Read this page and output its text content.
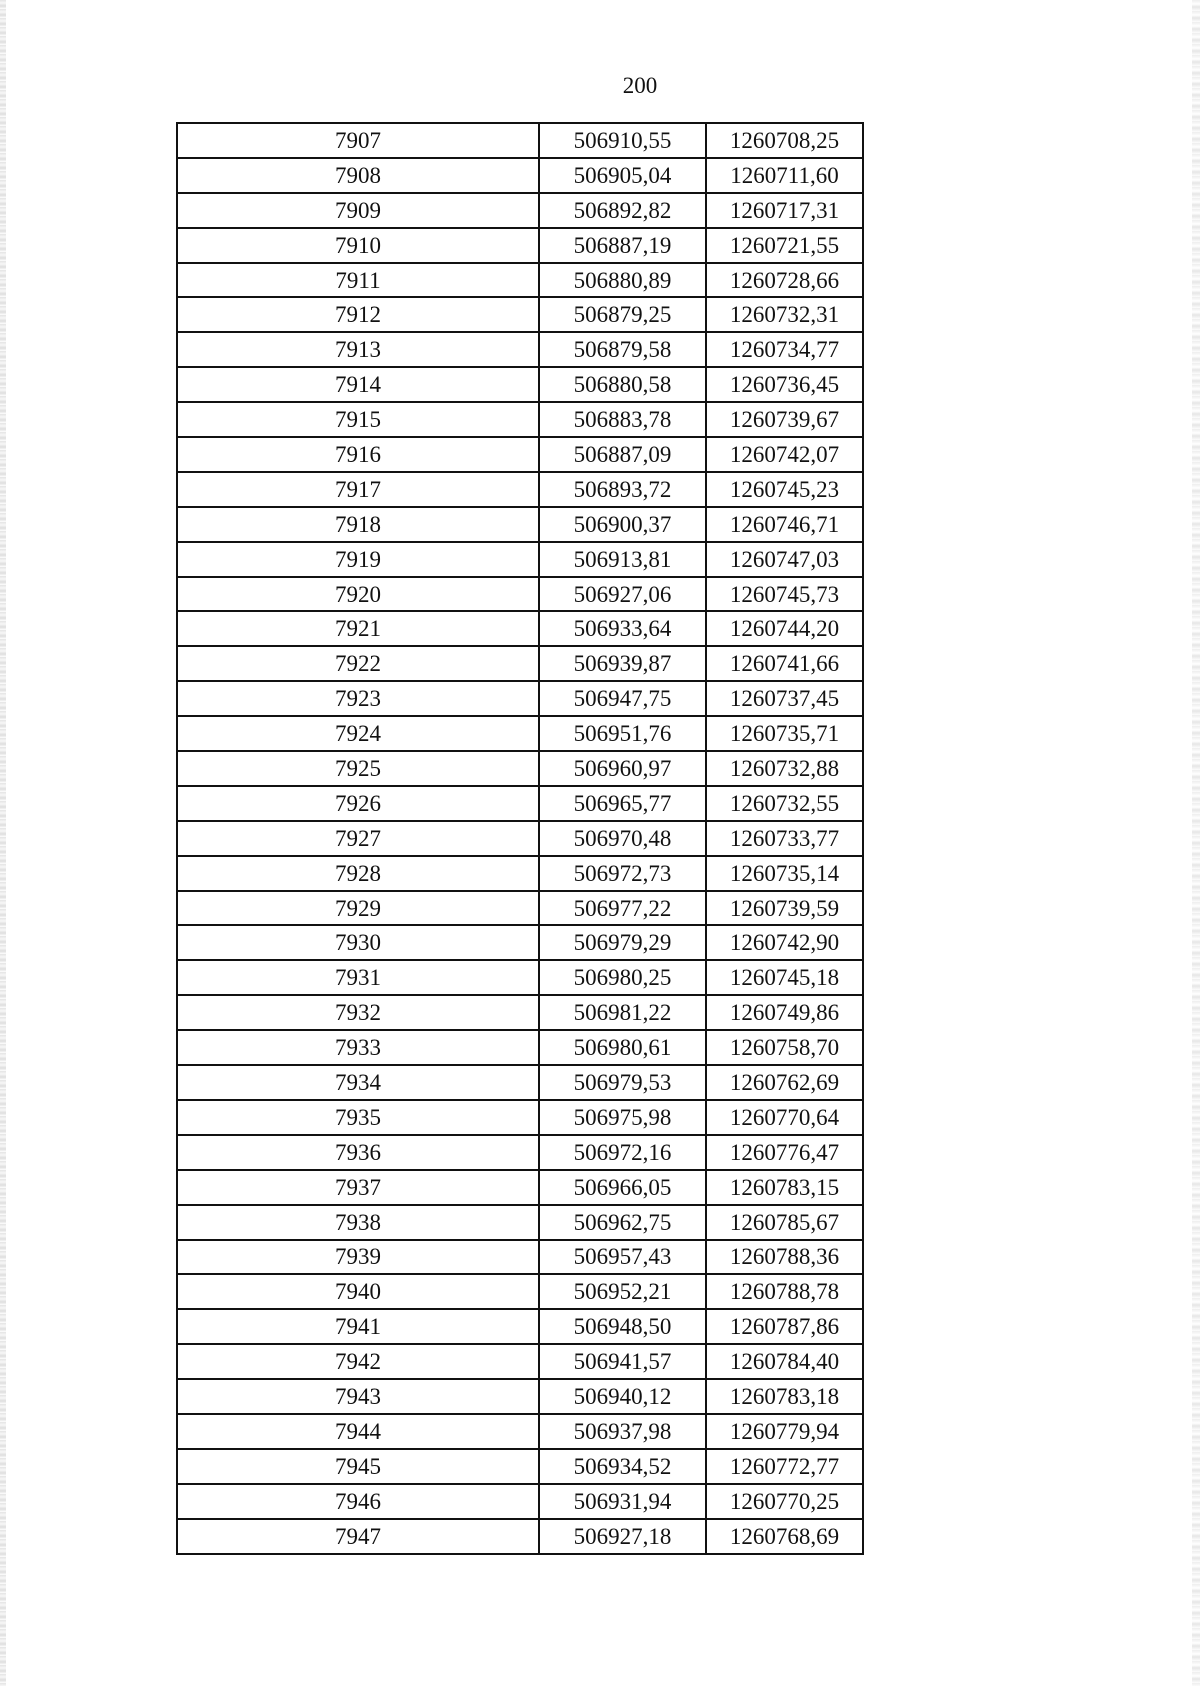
200
7907	506910,55	1260708,25
7908	506905,04	1260711,60
7909	506892,82	1260717,31
7910	506887,19	1260721,55
7911	506880,89	1260728,66
7912	506879,25	1260732,31
7913	506879,58	1260734,77
7914	506880,58	1260736,45
7915	506883,78	1260739,67
7916	506887,09	1260742,07
7917	506893,72	1260745,23
7918	506900,37	1260746,71
7919	506913,81	1260747,03
7920	506927,06	1260745,73
7921	506933,64	1260744,20
7922	506939,87	1260741,66
7923	506947,75	1260737,45
7924	506951,76	1260735,71
7925	506960,97	1260732,88
7926	506965,77	1260732,55
7927	506970,48	1260733,77
7928	506972,73	1260735,14
7929	506977,22	1260739,59
7930	506979,29	1260742,90
7931	506980,25	1260745,18
7932	506981,22	1260749,86
7933	506980,61	1260758,70
7934	506979,53	1260762,69
7935	506975,98	1260770,64
7936	506972,16	1260776,47
7937	506966,05	1260783,15
7938	506962,75	1260785,67
7939	506957,43	1260788,36
7940	506952,21	1260788,78
7941	506948,50	1260787,86
7942	506941,57	1260784,40
7943	506940,12	1260783,18
7944	506937,98	1260779,94
7945	506934,52	1260772,77
7946	506931,94	1260770,25
7947	506927,18	1260768,69
